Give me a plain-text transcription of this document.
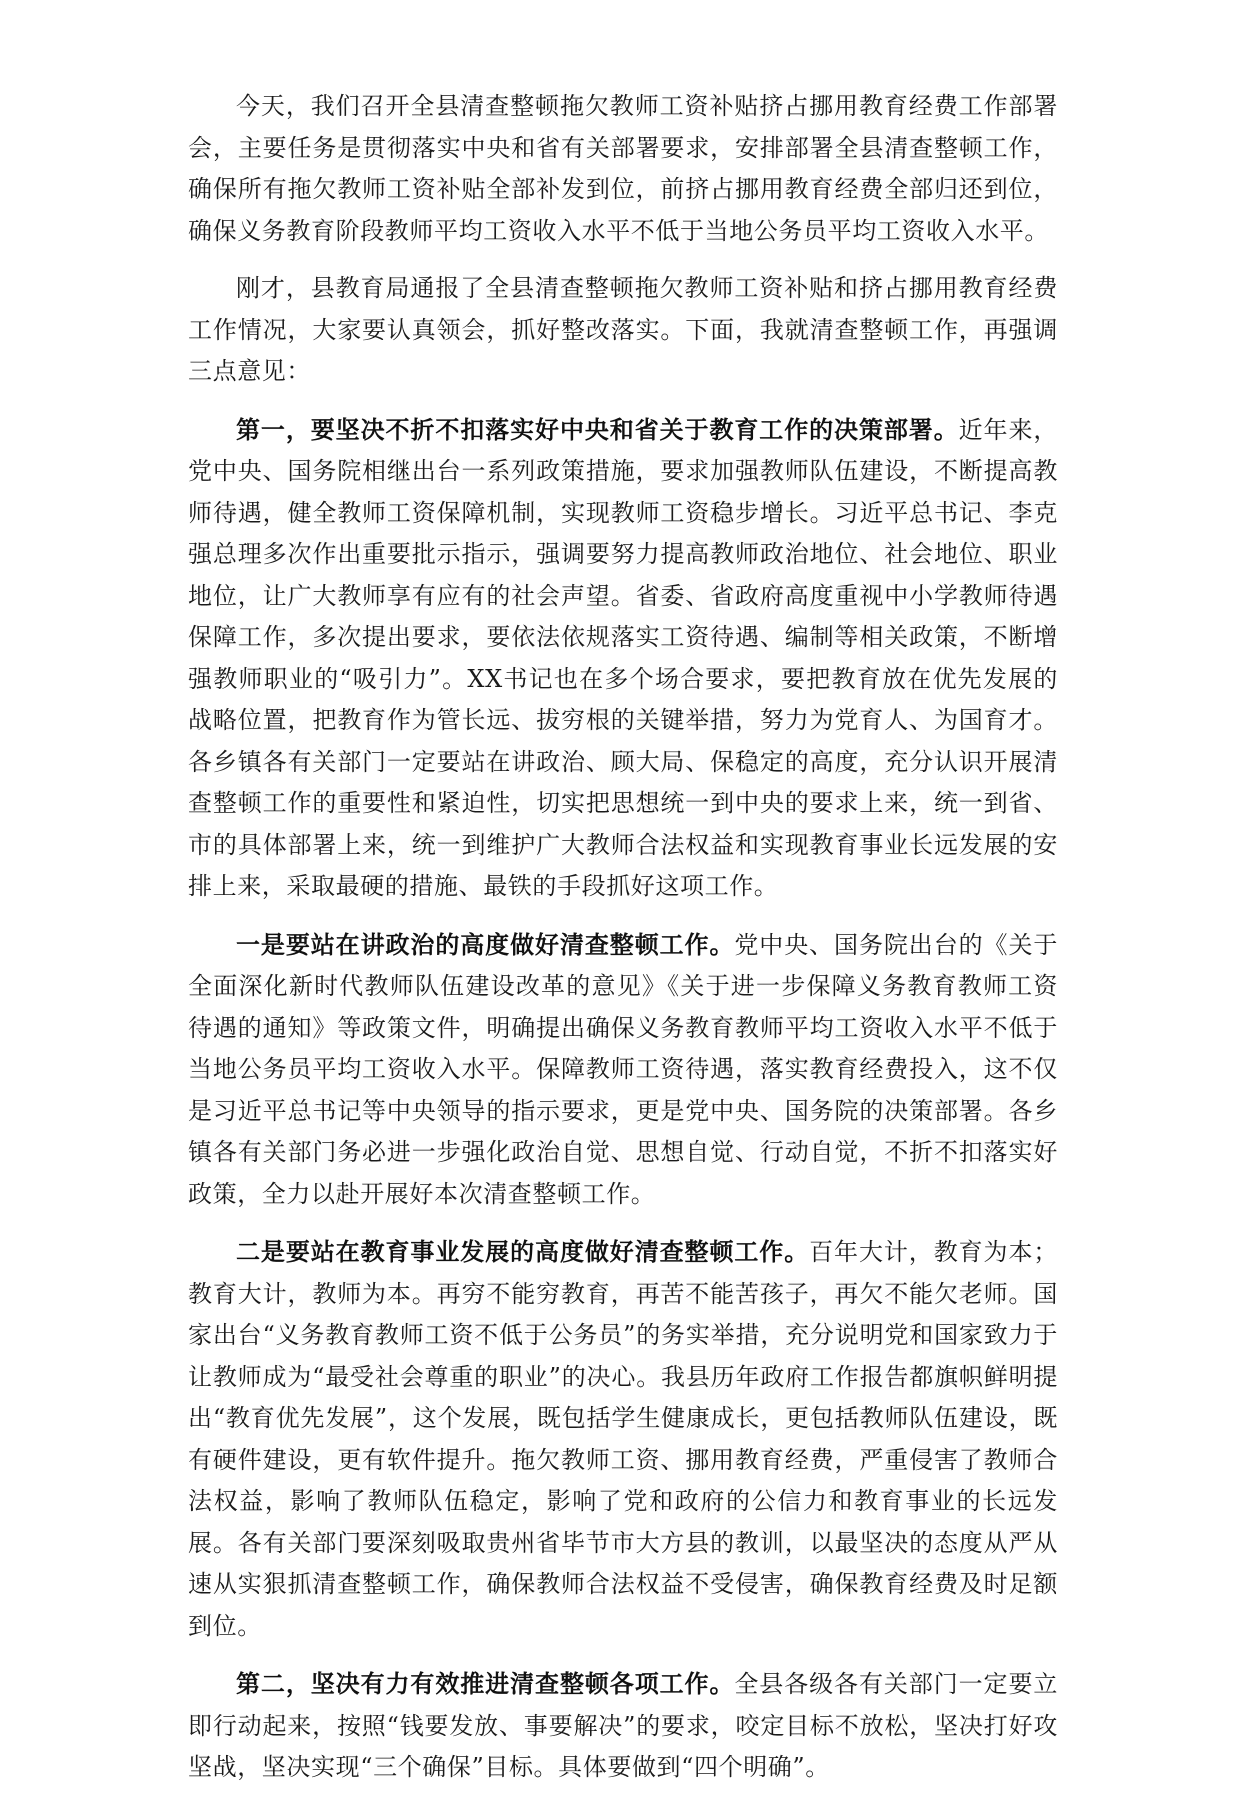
今天，我们召开全县清查整顿拖欠教师工资补贴挤占挪用教育经费工作部署会，主要任务是贯彻落实中央和省有关部署要求，安排部署全县清查整顿工作，确保所有拖欠教师工资补贴全部补发到位，前挤占挪用教育经费全部归还到位，确保义务教育阶段教师平均工资收入水平不低于当地公务员平均工资收入水平。

刚才，县教育局通报了全县清查整顿拖欠教师工资补贴和挤占挪用教育经费工作情况，大家要认真领会，抓好整改落实。下面，我就清查整顿工作，再强调三点意见：

第一，要坚决不折不扣落实好中央和省关于教育工作的决策部署。近年来，党中央、国务院相继出台一系列政策措施，要求加强教师队伍建设，不断提高教师待遇，健全教师工资保障机制，实现教师工资稳步增长。习近平总书记、李克强总理多次作出重要批示指示，强调要努力提高教师政治地位、社会地位、职业地位，让广大教师享有应有的社会声望。省委、省政府高度重视中小学教师待遇保障工作，多次提出要求，要依法依规落实工资待遇、编制等相关政策，不断增强教师职业的“吸引力”。XX书记也在多个场合要求，要把教育放在优先发展的战略位置，把教育作为管长远、拔穷根的关键举措，努力为党育人、为国育才。各乡镇各有关部门一定要站在讲政治、顾大局、保稳定的高度，充分认识开展清查整顿工作的重要性和紧迫性，切实把思想统一到中央的要求上来，统一到省、市的具体部署上来，统一到维护广大教师合法权益和实现教育事业长远发展的安排上来，采取最硬的措施、最铁的手段抓好这项工作。

一是要站在讲政治的高度做好清查整顿工作。党中央、国务院出台的《关于全面深化新时代教师队伍建设改革的意见》《关于进一步保障义务教育教师工资待遇的通知》等政策文件，明确提出确保义务教育教师平均工资收入水平不低于当地公务员平均工资收入水平。保障教师工资待遇，落实教育经费投入，这不仅是习近平总书记等中央领导的指示要求，更是党中央、国务院的决策部署。各乡镇各有关部门务必进一步强化政治自觉、思想自觉、行动自觉，不折不扣落实好政策，全力以赴开展好本次清查整顿工作。

二是要站在教育事业发展的高度做好清查整顿工作。百年大计，教育为本；教育大计，教师为本。再穷不能穷教育，再苦不能苦孩子，再欠不能欠老师。国家出台“义务教育教师工资不低于公务员”的务实举措，充分说明党和国家致力于让教师成为“最受社会尊重的职业”的决心。我县历年政府工作报告都旗帜鲜明提出“教育优先发展”，这个发展，既包括学生健康成长，更包括教师队伍建设，既有硬件建设，更有软件提升。拖欠教师工资、挪用教育经费，严重侵害了教师合法权益，影响了教师队伍稳定，影响了党和政府的公信力和教育事业的长远发展。各有关部门要深刻吸取贵州省毕节市大方县的教训，以最坚决的态度从严从速从实狠抓清查整顿工作，确保教师合法权益不受侵害，确保教育经费及时足额到位。

第二，坚决有力有效推进清查整顿各项工作。全县各级各有关部门一定要立即行动起来，按照“钱要发放、事要解决”的要求，咬定目标不放松，坚决打好攻坚战，坚决实现“三个确保”目标。具体要做到“四个明确”。
